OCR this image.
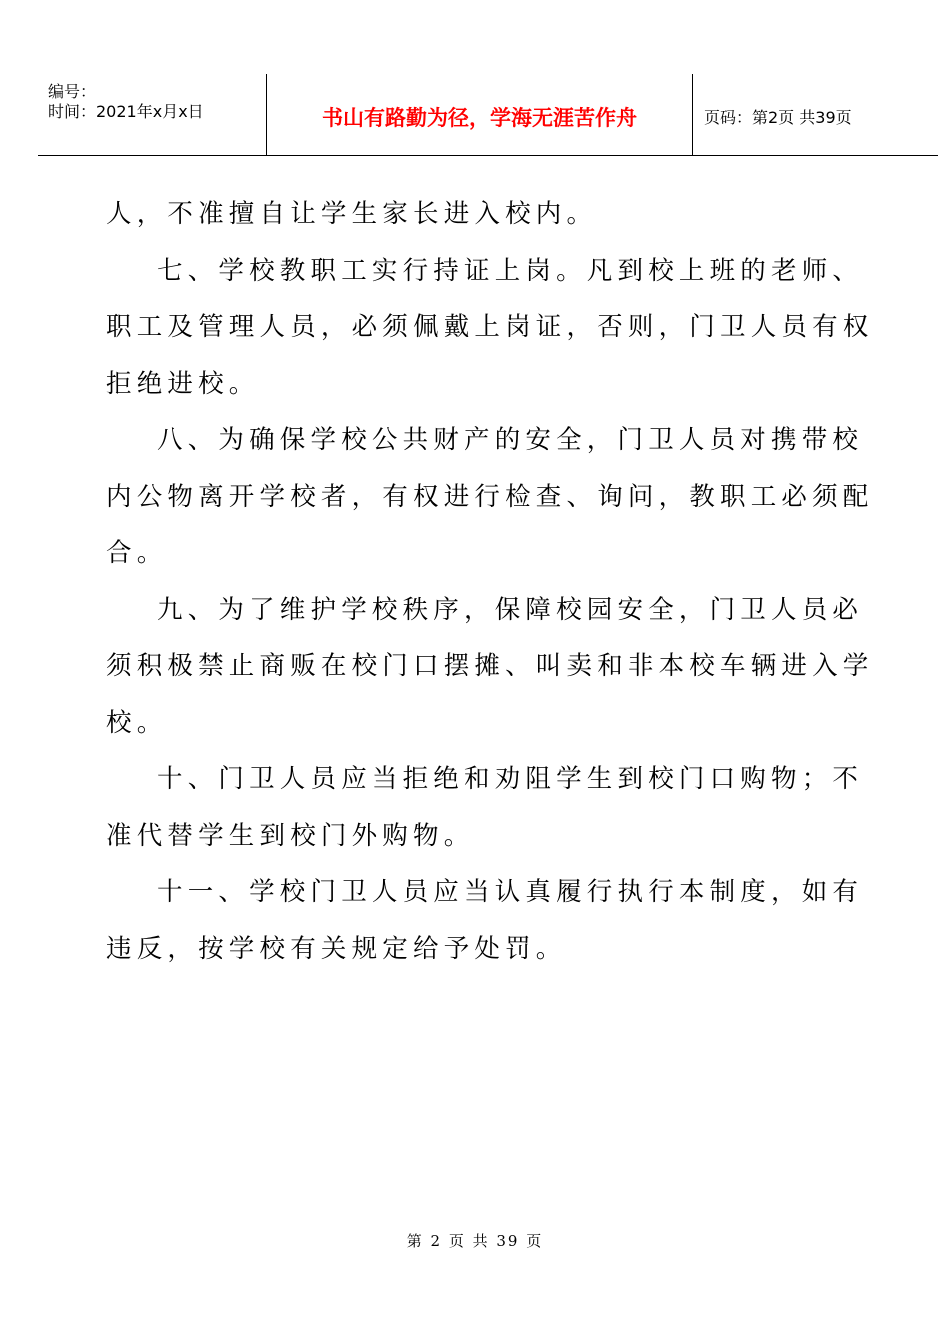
编号：
时间：2021年x月x日	书山有路勤为径，学海无涯苦作舟	页码：第2页 共39页

人，不准擅自让学生家长进入校内。

七、学校教职工实行持证上岗。凡到校上班的老师、职工及管理人员，必须佩戴上岗证，否则，门卫人员有权拒绝进校。

八、为确保学校公共财产的安全，门卫人员对携带校内公物离开学校者，有权进行检查、询问，教职工必须配合。

九、为了维护学校秩序，保障校园安全，门卫人员必须积极禁止商贩在校门口摆摊、叫卖和非本校车辆进入学校。

十、门卫人员应当拒绝和劝阻学生到校门口购物；不准代替学生到校门外购物。

十一、学校门卫人员应当认真履行执行本制度，如有违反，按学校有关规定给予处罚。

第 2 页 共 39 页
